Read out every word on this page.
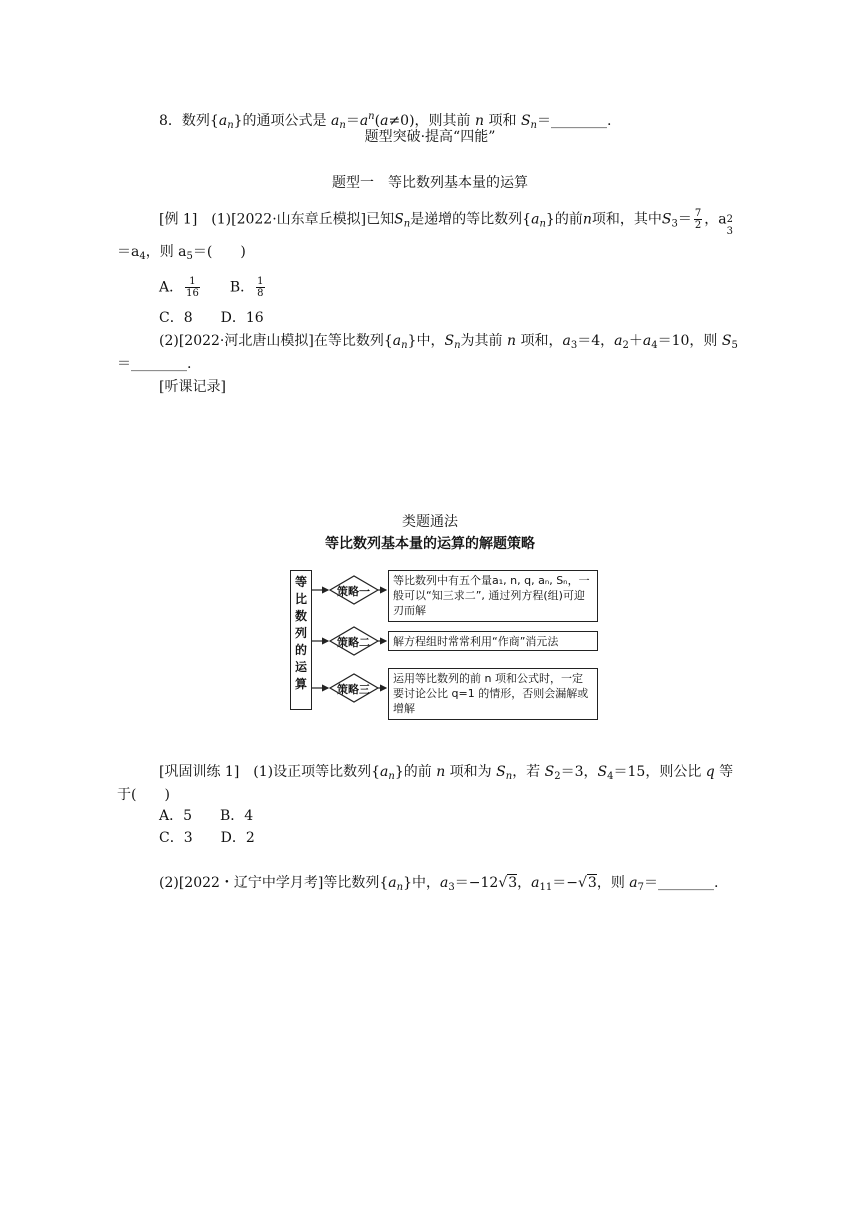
8．数列$\{a_n\}$的通项公式是 $a_n=a^n(a\ne 0)$，则其前 n 项和 $S_n=\_\_\_\_\_\_\_\_$.
题型突破·提高“四能”
题型一　等比数列基本量的运算
[例 1]　 (1)[2022·山东章丘模拟]已知$S_n$是递增的等比数列$\{a_n\}$的前n项和，其中$S_3= \frac{7}{2}$ ，a 2
3
$=a_4$，则 $a_5=$(　　)
A． $\frac{1}{16}$
　　 B． $\frac{1}{8}$
C．8　　D．16
(2)[2022·河北唐山模拟]在等比数列$\{a_n\}$中，$S_n$为其前 n 项和，$a_3=4$，$a_2+a_4=10$，则 $S_5$
＝________.
[听课记录]
类题通法
等比数列基本量的运算的解题策略
等
比
数
列
的
运
算
策略一
策略二
策略三
等比数列中有五个量a₁, n, q, aₙ, Sₙ，一般可以“知三求二”, 通过列方程(组)可迎刃而解
解方程组时常常利用“作商”消元法
运用等比数列的前 n 项和公式时，一定要讨论公比 q=1 的情形，否则会漏解或增解
[巩固训练 1]　 (1)设正项等比数列$\{a_n\}$的前 n 项和为 $S_n$，若 $S_2=3$，$S_4=15$，则公比 q 等
于(　　)
A．5　　B．4
C．3　　D．2
(2)[2022・辽宁中学月考]等比数列$\{a_n\}$中，$a_3=-12√3$，$a_{11}=-√3$，则 $a_7=\_\_\_\_\_\_\_\_$.
